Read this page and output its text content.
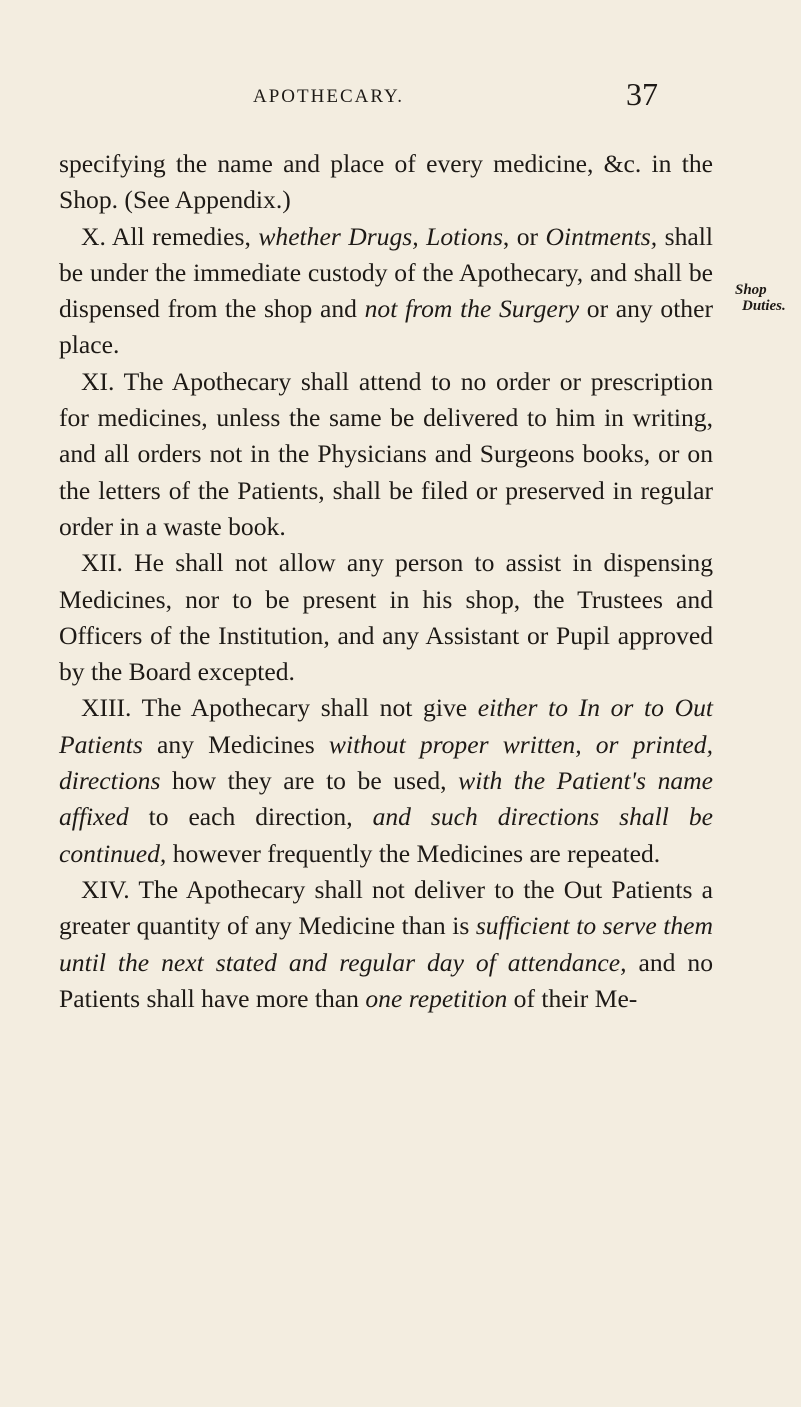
APOTHECARY.	37
Shop
Duties.

specifying the name and place of every medicine, &c. in the Shop. (See Appendix.)

X. All remedies, whether Drugs, Lotions, or Ointments, shall be under the immediate custody of the Apothecary, and shall be dispensed from the shop and not from the Surgery or any other place.

XI. The Apothecary shall attend to no order or prescription for medicines, unless the same be delivered to him in writing, and all orders not in the Physicians and Surgeons books, or on the letters of the Patients, shall be filed or preserved in regular order in a waste book.

XII. He shall not allow any person to assist in dispensing Medicines, nor to be present in his shop, the Trustees and Officers of the Institution, and any Assistant or Pupil approved by the Board excepted.

XIII. The Apothecary shall not give either to In or to Out Patients any Medicines without proper written, or printed, directions how they are to be used, with the Patient's name affixed to each direction, and such directions shall be continued, however frequently the Medicines are repeated.

XIV. The Apothecary shall not deliver to the Out Patients a greater quantity of any Medicine than is sufficient to serve them until the next stated and regular day of attendance, and no Patients shall have more than one repetition of their Me-
